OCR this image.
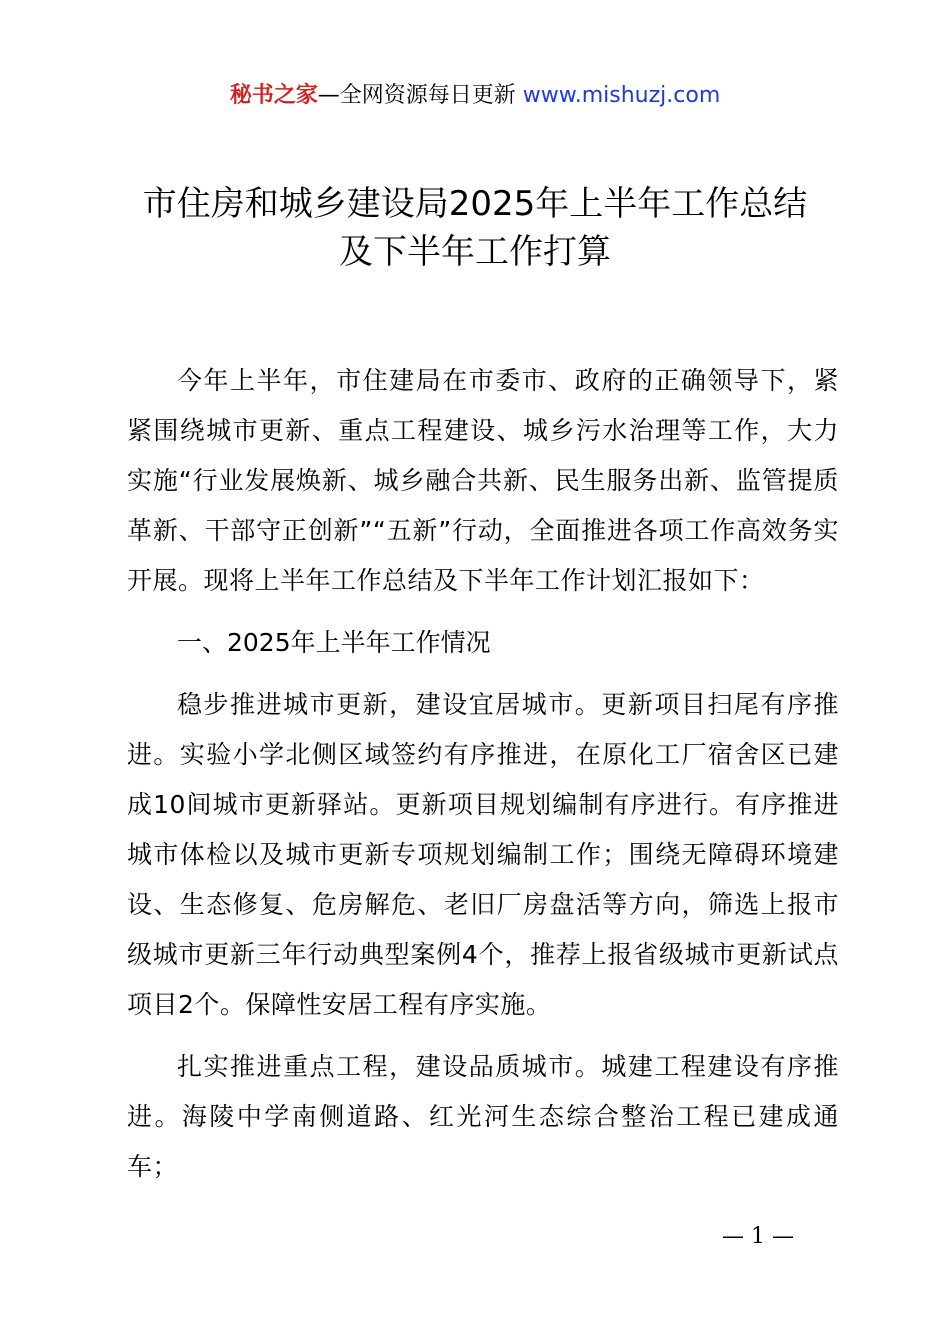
秘书之家—全网资源每日更新 www.mishuzj.com
市住房和城乡建设局2025年上半年工作总结
及下半年工作打算

今年上半年，市住建局在市委市、政府的正确领导下，紧紧围绕城市更新、重点工程建设、城乡污水治理等工作，大力实施“行业发展焕新、城乡融合共新、民生服务出新、监管提质革新、干部守正创新”“五新”行动，全面推进各项工作高效务实开展。现将上半年工作总结及下半年工作计划汇报如下：

一、2025年上半年工作情况

稳步推进城市更新，建设宜居城市。更新项目扫尾有序推进。实验小学北侧区域签约有序推进，在原化工厂宿舍区已建成10间城市更新驿站。更新项目规划编制有序进行。有序推进城市体检以及城市更新专项规划编制工作；围绕无障碍环境建设、生态修复、危房解危、老旧厂房盘活等方向，筛选上报市级城市更新三年行动典型案例4个，推荐上报省级城市更新试点项目2个。保障性安居工程有序实施。

扎实推进重点工程，建设品质城市。城建工程建设有序推进。海陵中学南侧道路、红光河生态综合整治工程已建成通车；

— 1 —
